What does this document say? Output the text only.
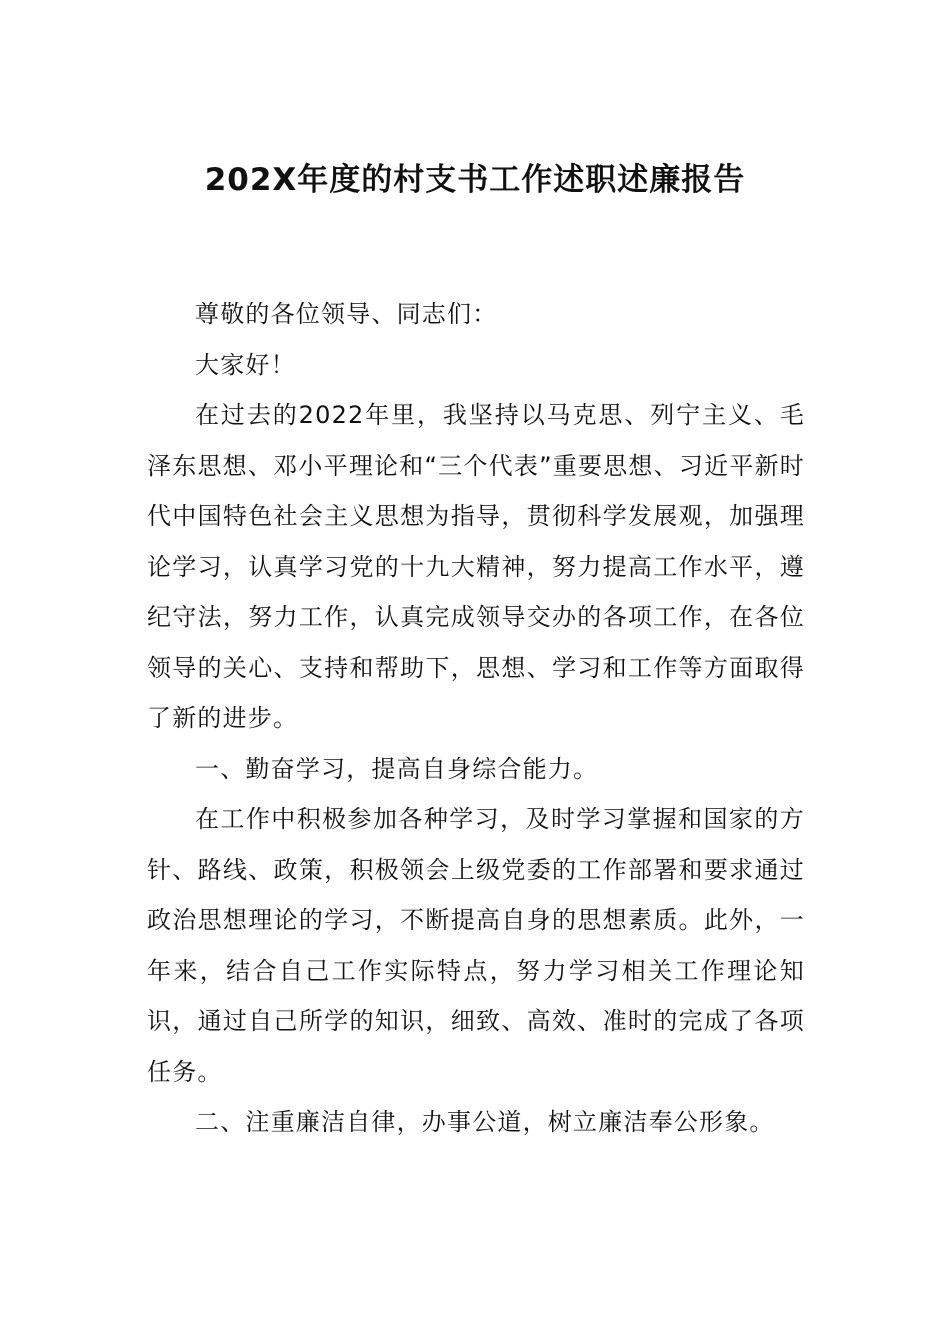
202X年度的村支书工作述职述廉报告

尊敬的各位领导、同志们：

大家好！

在过去的2022年里，我坚持以马克思、列宁主义、毛泽东思想、邓小平理论和“三个代表”重要思想、习近平新时代中国特色社会主义思想为指导，贯彻科学发展观，加强理论学习，认真学习党的十九大精神，努力提高工作水平，遵纪守法，努力工作，认真完成领导交办的各项工作，在各位领导的关心、支持和帮助下，思想、学习和工作等方面取得了新的进步。

一、勤奋学习，提高自身综合能力。

在工作中积极参加各种学习，及时学习掌握和国家的方针、路线、政策，积极领会上级党委的工作部署和要求通过政治思想理论的学习，不断提高自身的思想素质。此外，一年来，结合自己工作实际特点，努力学习相关工作理论知识，通过自己所学的知识，细致、高效、准时的完成了各项任务。

二、注重廉洁自律，办事公道，树立廉洁奉公形象。
